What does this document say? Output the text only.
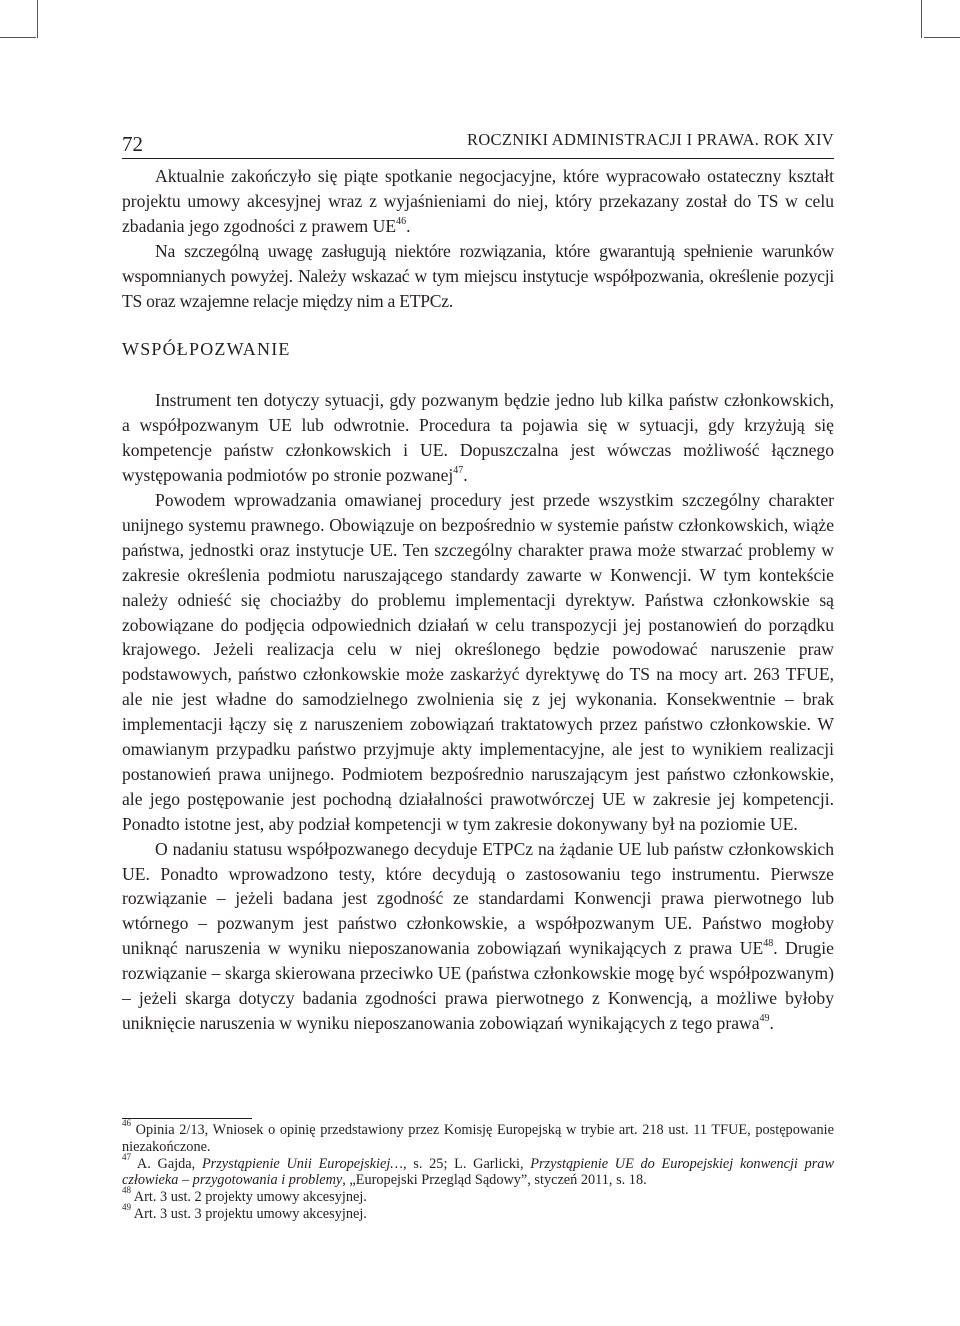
72	ROCZNIKI ADMINISTRACJI I PRAWA. ROK XIV

Aktualnie zakończyło się piąte spotkanie negocjacyjne, które wypracowało ostateczny kształt projektu umowy akcesyjnej wraz z wyjaśnieniami do niej, który przekazany został do TS w celu zbadania jego zgodności z prawem UE$^{46}$.

Na szczególną uwagę zasługują niektóre rozwiązania, które gwarantują spełnienie warunków wspomnianych powyżej. Należy wskazać w tym miejscu instytucje współpozwania, określenie pozycji TS oraz wzajemne relacje między nim a ETPCz.

WSPÓŁPOZWANIE

Instrument ten dotyczy sytuacji, gdy pozwanym będzie jedno lub kilka państw członkowskich, a współpozwanym UE lub odwrotnie. Procedura ta pojawia się w sytuacji, gdy krzyżują się kompetencje państw członkowskich i UE. Dopuszczalna jest wówczas możliwość łącznego występowania podmiotów po stronie pozwanej$^{47}$.

Powodem wprowadzania omawianej procedury jest przede wszystkim szczególny charakter unijnego systemu prawnego. Obowiązuje on bezpośrednio w systemie państw członkowskich, wiąże państwa, jednostki oraz instytucje UE. Ten szczególny charakter prawa może stwarzać problemy w zakresie określenia podmiotu naruszającego standardy zawarte w Konwencji. W tym kontekście należy odnieść się chociażby do problemu implementacji dyrektyw. Państwa członkowskie są zobowiązane do podjęcia odpowiednich działań w celu transpozycji jej postanowień do porządku krajowego. Jeżeli realizacja celu w niej określonego będzie powodować naruszenie praw podstawowych, państwo członkowskie może zaskarżyć dyrektywę do TS na mocy art. 263 TFUE, ale nie jest władne do samodzielnego zwolnienia się z jej wykonania. Konsekwentnie – brak implementacji łączy się z naruszeniem zobowiązań traktatowych przez państwo członkowskie. W omawianym przypadku państwo przyjmuje akty implementacyjne, ale jest to wynikiem realizacji postanowień prawa unijnego. Podmiotem bezpośrednio naruszającym jest państwo członkowskie, ale jego postępowanie jest pochodną działalności prawotwórczej UE w zakresie jej kompetencji. Ponadto istotne jest, aby podział kompetencji w tym zakresie dokonywany był na poziomie UE.

O nadaniu statusu współpozwanego decyduje ETPCz na żądanie UE lub państw członkowskich UE. Ponadto wprowadzono testy, które decydują o zastosowaniu tego instrumentu. Pierwsze rozwiązanie – jeżeli badana jest zgodność ze standardami Konwencji prawa pierwotnego lub wtórnego – pozwanym jest państwo członkowskie, a współpozwanym UE. Państwo mogłoby uniknąć naruszenia w wyniku nieposzanowania zobowiązań wynikających z prawa UE$^{48}$. Drugie rozwiązanie – skarga skierowana przeciwko UE (państwa członkowskie mogę być współpozwanym) – jeżeli skarga dotyczy badania zgodności prawa pierwotnego z Konwencją, a możliwe byłoby uniknięcie naruszenia w wyniku nieposzanowania zobowiązań wynikających z tego prawa$^{49}$.

$^{46}$ Opinia 2/13, Wniosek o opinię przedstawiony przez Komisję Europejską w trybie art. 218 ust. 11 TFUE, postępowanie niezakończone.
$^{47}$ A. Gajda, Przystąpienie Unii Europejskiej…, s. 25; L. Garlicki, Przystąpienie UE do Europejskiej konwencji praw człowieka – przygotowania i problemy, „Europejski Przegląd Sądowy”, styczeń 2011, s. 18.
$^{48}$ Art. 3 ust. 2 projekty umowy akcesyjnej.
$^{49}$ Art. 3 ust. 3 projektu umowy akcesyjnej.
